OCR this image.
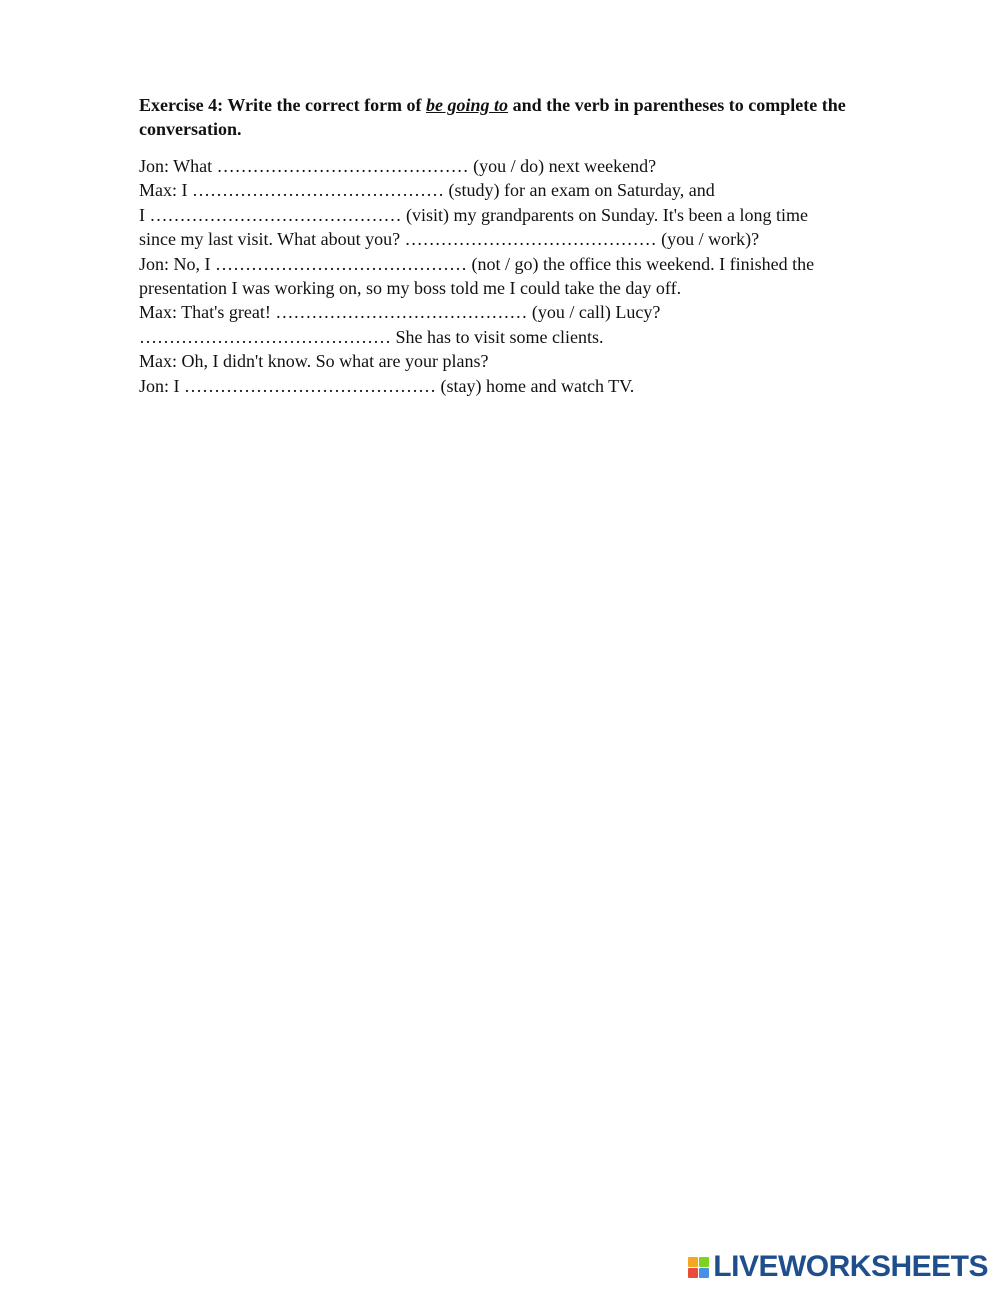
Exercise 4: Write the correct form of be going to and the verb in parentheses to complete the conversation.

Jon: What …………………………………… (you / do) next weekend?
Max: I …………………………………… (study) for an exam on Saturday, and
I …………………………………… (visit) my grandparents on Sunday. It's been a long time
since my last visit. What about you? …………………………………… (you / work)?
Jon: No, I …………………………………… (not / go) the office this weekend. I finished the
presentation I was working on, so my boss told me I could take the day off.
Max: That's great! …………………………………… (you / call) Lucy?
…………………………………… She has to visit some clients.
Max: Oh, I didn't know. So what are your plans?
Jon: I …………………………………… (stay) home and watch TV.
LIVEWORKSHEETS
